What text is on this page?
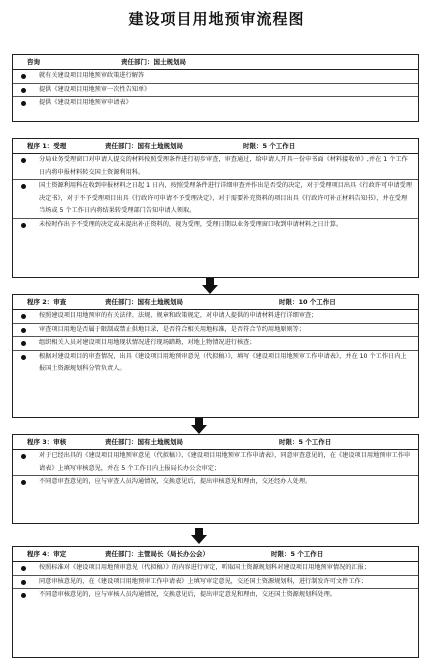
建设项目用地预审流程图
咨询	责任部门：国土规划局
就有关建设项目用地预审政策进行解答
提供《建设项目用地预审一次性告知单》
提供《建设项目用地预审申请表》
程序 1：受理	责任部门：国有土地规划局	时限：5 个工作日
分局业务受理窗口对申请人提交的材料按照受理条件进行初步审查，审查通过，给申请人开具一份申书面《材料接收单》,并在 1 个工作日内将申报材料转交国土资源利用科。
国土资源利用科在收到申报材料之日起 1 日内，按照受理条件进行详细审查并作出是否受的决定，对于受理项目出具《行政许可申请受理决定书》，对于不予受理项目出具《行政许可申请不予受理决定》，对于需要补充资料的项目出具《行政许可补正材料告知书》，并在受理当场或 5 个工作日内将结果转受理部门告知申请人领取。
未按时作出予不受理的决定或未提出补正资料的，视为受理，受理日期以业务受理窗口收到申请材料之日计算。
程序 2：审查	责任部门：国有土地规划局	时限：10 个工作日
按照建设项目用地预审的有关法律、法规、规章和政策规定，对申请人提供的申请材料进行详细审查；
审查项目用地是否属于限制或禁止供地目录，是否符合相关用地标准，是否符合节约用地原则等；
组织相关人员对建设项目用地现状情况进行现场踏勘，对地上物情况进行核查；
根据对建设项目的审查情况，出具《建设项目用地预审意见（代拟稿）》，填写《建设项目用地预审工作申请表》，并在 10 个工作日内上报国土资源规划科分管负责人。
程序 3：审核	责任部门：国有土地规划局	时限：5 个工作日
对于已经出具的《建设项目用地预审意见（代拟稿）》、《建设项目用地预审工作申请表》，同意审查意见的，在《建设项目用地预审工作申请表》上填写审核意见，并在 5 个工作日内上报局长办公会审定；
不同意审查意见的，应与审查人员沟通情况，交换意见后，提出审核意见和理由，交还经办人处理。
程序 4：审定	责任部门：主管局长（局长办公会）	时限：5 个工作日
按照标准对《建设项目用地预审意见（代拟稿）》的内容进行审定，听取国土资源规划科对建设项目用地预审情况的汇报；
同意审核意见的，在《建设项目用地预审工作申请表》上填写审定意见，交还国土资源规划科，进行制发许可文件工作；
不同意审核意见的，应与审核人员沟通情况，交换意见后，提出审定意见和理由，交还国土资源规划科处理。
